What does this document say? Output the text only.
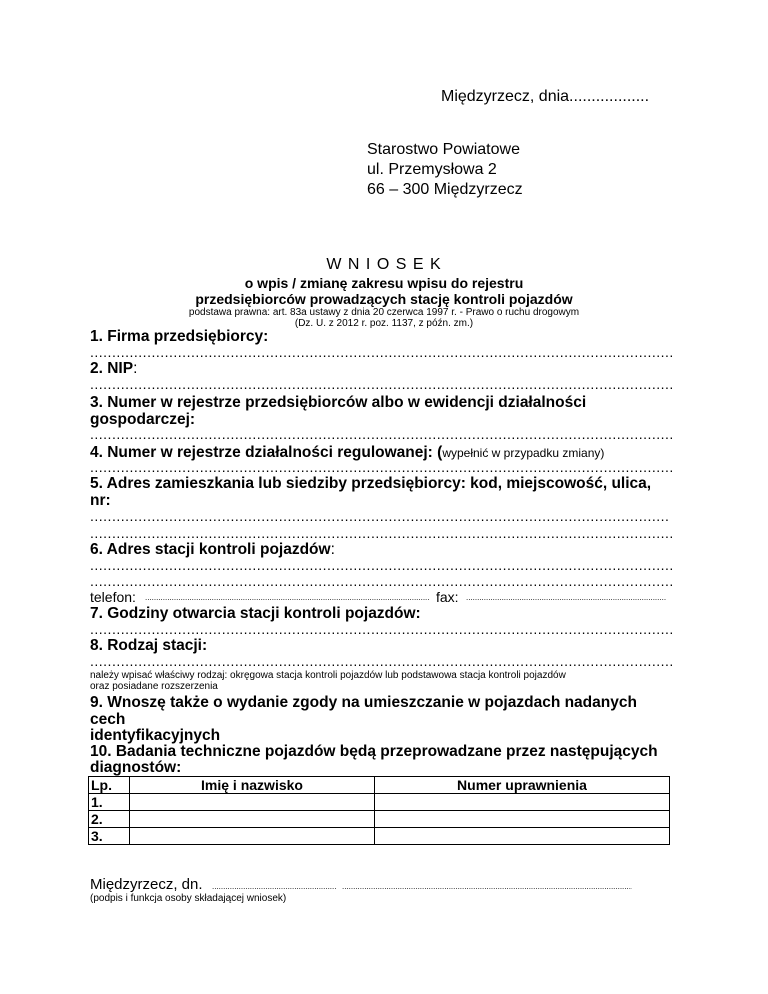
Międzyrzecz, dnia..................
Starostwo Powiatowe
ul. Przemysłowa 2
66 – 300 Międzyrzecz
W N I O S E K
o wpis / zmianę zakresu wpisu do rejestru
przedsiębiorców prowadzących stację kontroli pojazdów
podstawa prawna: art. 83a ustawy z dnia 20 czerwca 1997 r. - Prawo o ruchu drogowym
(Dz. U. z 2012 r. poz. 1137, z późn. zm.)
1. Firma przedsiębiorcy:
.....
2. NIP:
.....
3. Numer w rejestrze przedsiębiorców albo w ewidencji działalności
gospodarczej:
.....
4. Numer w rejestrze działalności regulowanej: (wypełnić w przypadku zmiany)
.....
5. Adres zamieszkania lub siedziby przedsiębiorcy: kod, miejscowość, ulica,
nr:
.....
.....
6. Adres stacji kontroli pojazdów:
.....
.....
telefon: .....	fax:
.....
7. Godziny otwarcia stacji kontroli pojazdów:
.....
8. Rodzaj stacji:
.....
należy wpisać właściwy rodzaj: okręgowa stacja kontroli pojazdów lub podstawowa stacja kontroli pojazdów
oraz posiadane rozszerzenia
9. Wnoszę także o wydanie zgody na umieszczanie w pojazdach nadanych
cech
identyfikacyjnych
10. Badania techniczne pojazdów będą przeprowadzane przez następujących
diagnostów:
Lp.	Imię i nazwisko	Numer uprawnienia
1.		
2.		
3.		
Międzyrzecz, dn.
.....
.....
(podpis i funkcja osoby składającej wniosek)
